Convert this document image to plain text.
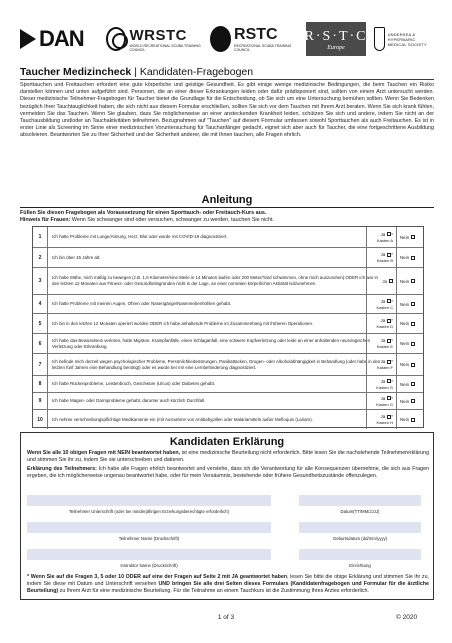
DAN	WRSTC
WORLD RECREATIONAL SCUBA TRAINING COUNCIL
RSTC
RECREATIONAL SCUBA TRAINING COUNCIL
R·S·T·C
Europe
UNDERSEA & HYPERBARIC MEDICAL SOCIETY
Taucher Medizincheck | Kandidaten-Fragebogen

Sporttauchen und Freitauchen erfordert eine gute körperliche und geistige Gesundheit. Es gibt einige wenige medizinische Bedingungen, die beim Tauchen ein Risiko darstellen können und unten aufgeführt sind. Personen, die an einer dieser Erkrankungen leiden oder dafür prädisponiert sind, sollten von einem Arzt untersucht werden. Dieser medizinische Teilnehmer-Fragebogen für Taucher bietet die Grundlage für die Entscheidung, ob Sie sich um eine Untersuchung bemühen sollten. Wenn Sie Bedenken bezüglich Ihrer Tauchtauglichkeit haben, die sich nicht aus diesem Formular erschließen, sollten Sie sich vor dem Tauchen mit Ihrem Arzt beraten. Wenn Sie sich krank fühlen, vermeiden Sie das Tauchen. Wenn Sie glauben, dass Sie möglicherweise an einer ansteckenden Krankheit leiden, schützen Sie sich und andere, indem Sie nicht an der Tauchausbildung und/oder an Tauchaktivitäten teilnehmen. Bezugnahmen auf "Tauchen" auf diesem Formular umfassen sowohl Sporttauchen als auch Freitauchen. Es ist in erster Linie als Screening im Sinne einer medizinischen Voruntersuchung für Tauchanfänger gedacht, eignet sich aber auch für Taucher, die eine fortgeschrittene Ausbildung absolvieren. Beantworten Sie zu Ihrer Sicherheit und der Sicherheit anderer, die mit Ihnen tauchen, alle Fragen ehrlich.

Anleitung
Füllen Sie diesen Fragebogen als Voraussetzung für einen Sporttauch- oder Freitauch-Kurs aus.
Hinweis für Frauen: Wenn Sie schwanger sind oder versuchen, schwanger zu werden, tauchen Sie nicht.
1	Ich hatte Probleme mit Lunge/Atmung, Herz, Blut oder wurde mit COVID-19 diagnostiziert.
Ja *
Kasten A
Nein
2	Ich bin über 45 Jahre alt.
Ja *
Kasten B
Nein
3
Ich habe Mühe, mich mäßig zu bewegen (z.B. 1,6 Kilometer/eine Meile in 14 Minuten laufen oder 200 Meter/Yard schwimmen, ohne mich auszuruhen) ODER ich war in den letzten 12 Monaten aus Fitness- oder Gesundheitsgründen nicht in der Lage, an einer normalen körperlichen Aktivität teilzunehmen.	Ja	Nein
4	Ich hatte Probleme mit meinen Augen, Ohren oder Nasengänge/Nasennebenhöhlen gehabt.
Ja *
Kasten C
Nein
5	Ich bin in den letzten 12 Monaten operiert worden ODER ich habe anhaltende Probleme im Zusammenhang mit früheren Operationen.
Ja *
Kasten D
Nein
6
Ich habe das Bewusstsein verloren, hatte Migräne, Krampfanfälle, einen Schlaganfall, eine schwere Kopfverletzung oder leide an einer anhaltenden neurologischen Verletzung oder Erkrankung.
Ja *
Kasten E
Nein
7
Ich befinde mich derzeit wegen psychologischer Probleme, Persönlichkeitsstörungen, Panikattacken, Drogen- oder Alkoholabhängigkeit in Behandlung (oder habe in den letzten fünf Jahren eine Behandlung benötigt) oder es wurde bei mir eine Lernbehinderung diagnostiziert.
Ja *
Kasten F
Nein
8	Ich habe Rückenprobleme, Leistenbruch, Geschwüre (Ulcus) oder Diabetes gehabt.
Ja *
Kasten G
Nein
9	Ich habe Magen- oder Darmprobleme gehabt, darunter auch kürzlich Durchfall.
Ja *
Kasten G
Nein
10	Ich nehme verschreibungspflichtige Medikamente ein (mit Ausnahme von Antibabypillen oder Malariamitteln außer Mefloquin (Lariam).
Ja *
Kasten H
Nein
Kandidaten Erklärung

Wenn Sie alle 10 obigen Fragen mit NEIN beantwortet haben, ist eine medizinische Beurteilung nicht erforderlich. Bitte lesen Sie die nachstehende Teilnehmererklärung und stimmen Sie ihr zu, indem Sie sie unterschreiben und datieren.

Erklärung des Teilnehmers: Ich habe alle Fragen ehrlich beantwortet und verstehe, dass ich die Verantwortung für alle Konsequenzen übernehme, die sich aus Fragen ergeben, die ich möglicherweise ungenau beantwortet habe, oder für mein Versäumnis, bestehende oder frühere Gesundheitszustände offenzulegen.

Teilnehmer Unterschrift (oder bei minderjährigen Erziehungsberechtigte erforderlich)	Datum(TT/MM/JJJJ)
Teilnehmer Name (Druckschrift)	Geburtsdatum (dd/mm/yyyy)
Instruktor Name (Druckschrift)	Einrichtung

* Wenn Sie auf die Fragen 3, 5 oder 10 ODER auf eine der Fragen auf Seite 2 mit JA geantwortet haben, lesen Sie bitte die obige Erklärung und stimmen Sie ihr zu, indem Sie diese mit Datum und Unterschrift versehen UND bringen Sie alle drei Seiten dieses Formulars (Kandidatenfragebogen und Formular für die ärztliche Beurteilung) zu Ihrem Arzt für eine medizinische Beurteilung. Für die Teilnahme an einem Tauchkurs ist die Zustimmung Ihres Arztes erforderlich.

1 of 3	© 2020
